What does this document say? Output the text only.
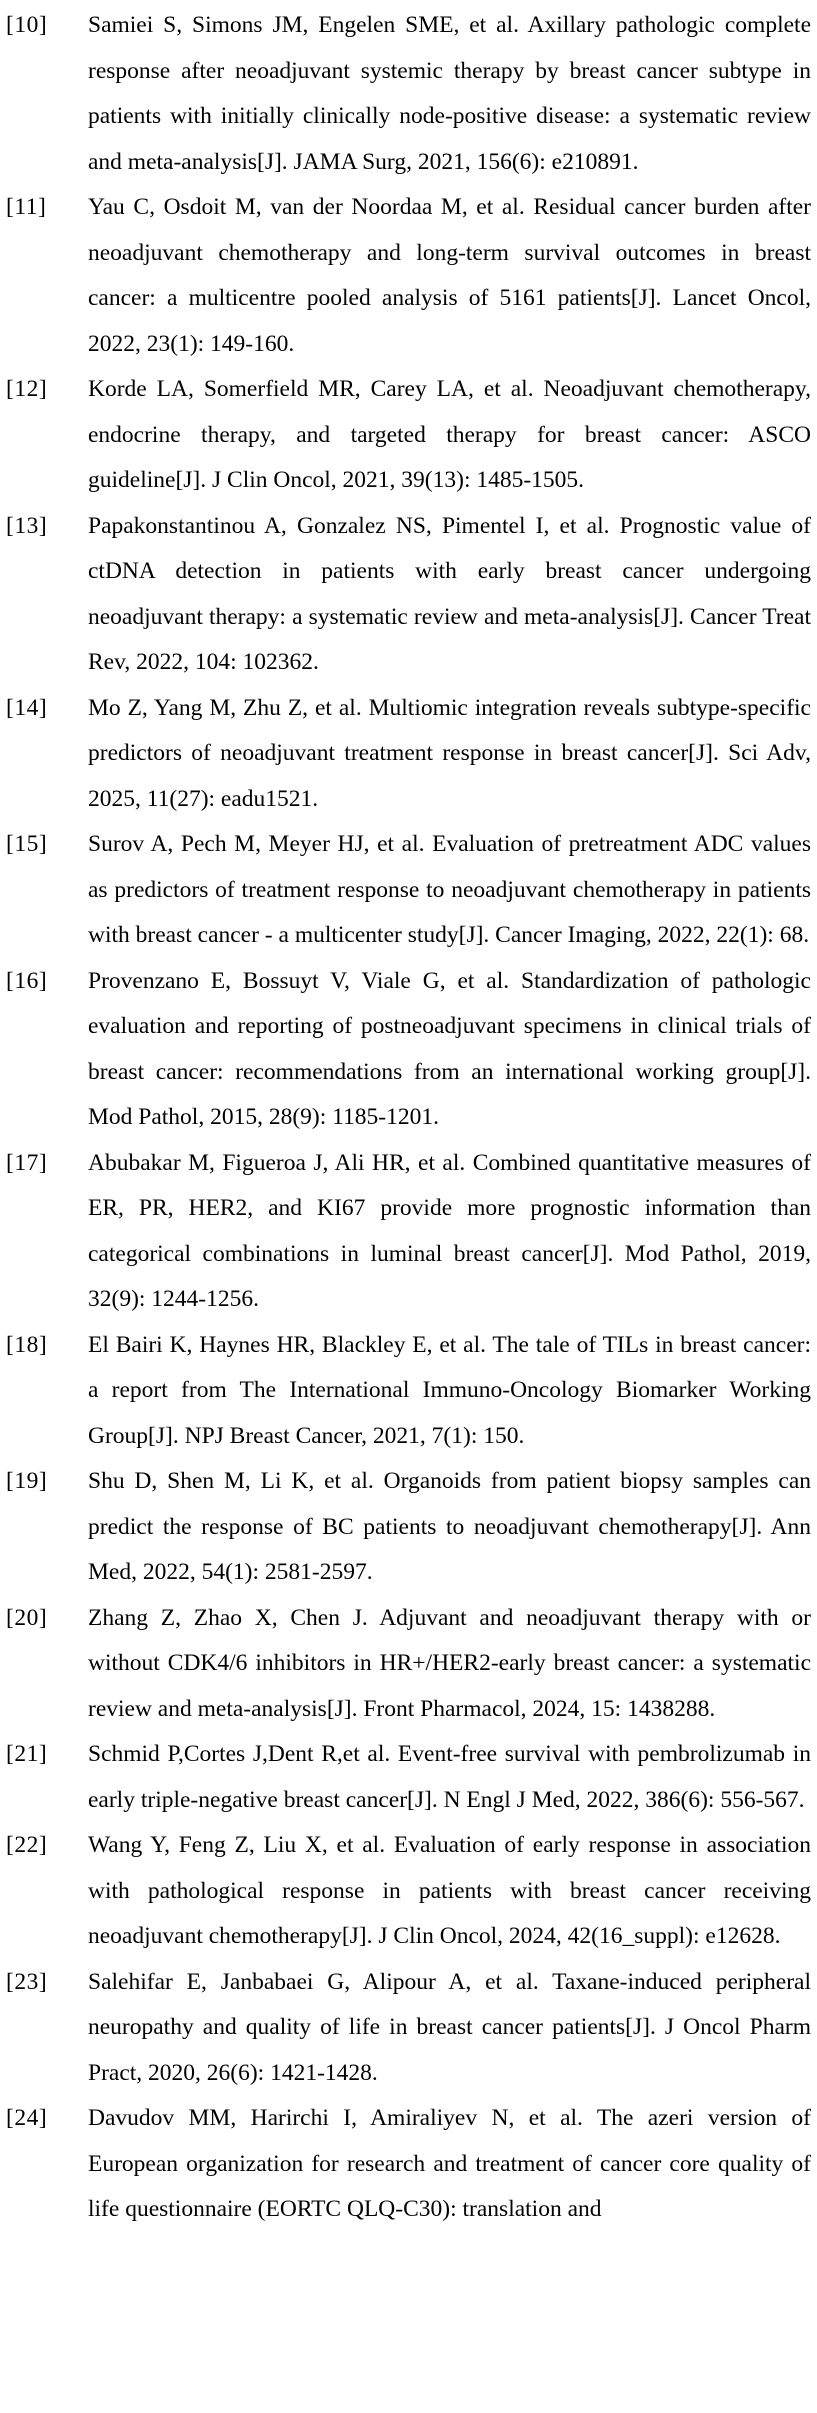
[10]	Samiei S, Simons JM, Engelen SME, et al. Axillary pathologic complete response after neoadjuvant systemic therapy by breast cancer subtype in patients with initially clinically node-positive disease: a systematic review and meta-analysis[J]. JAMA Surg, 2021, 156(6): e210891.
[11]	Yau C, Osdoit M, van der Noordaa M, et al. Residual cancer burden after neoadjuvant chemotherapy and long-term survival outcomes in breast cancer: a multicentre pooled analysis of 5161 patients[J]. Lancet Oncol, 2022, 23(1): 149-160.
[12]	Korde LA, Somerfield MR, Carey LA, et al. Neoadjuvant chemotherapy, endocrine therapy, and targeted therapy for breast cancer: ASCO guideline[J]. J Clin Oncol, 2021, 39(13): 1485-1505.
[13]	Papakonstantinou A, Gonzalez NS, Pimentel I, et al. Prognostic value of ctDNA detection in patients with early breast cancer undergoing neoadjuvant therapy: a systematic review and meta-analysis[J]. Cancer Treat Rev, 2022, 104: 102362.
[14]	Mo Z, Yang M, Zhu Z, et al. Multiomic integration reveals subtype-specific predictors of neoadjuvant treatment response in breast cancer[J]. Sci Adv, 2025, 11(27): eadu1521.
[15]	Surov A, Pech M, Meyer HJ, et al. Evaluation of pretreatment ADC values as predictors of treatment response to neoadjuvant chemotherapy in patients with breast cancer - a multicenter study[J]. Cancer Imaging, 2022, 22(1): 68.
[16]	Provenzano E, Bossuyt V, Viale G, et al. Standardization of pathologic evaluation and reporting of postneoadjuvant specimens in clinical trials of breast cancer: recommendations from an international working group[J]. Mod Pathol, 2015, 28(9): 1185-1201.
[17]	Abubakar M, Figueroa J, Ali HR, et al. Combined quantitative measures of ER, PR, HER2, and KI67 provide more prognostic information than categorical combinations in luminal breast cancer[J]. Mod Pathol, 2019, 32(9): 1244-1256.
[18]	El Bairi K, Haynes HR, Blackley E, et al. The tale of TILs in breast cancer: a report from The International Immuno-Oncology Biomarker Working Group[J]. NPJ Breast Cancer, 2021, 7(1): 150.
[19]	Shu D, Shen M, Li K, et al. Organoids from patient biopsy samples can predict the response of BC patients to neoadjuvant chemotherapy[J]. Ann Med, 2022, 54(1): 2581-2597.
[20]	Zhang Z, Zhao X, Chen J. Adjuvant and neoadjuvant therapy with or without CDK4/6 inhibitors in HR+/HER2-early breast cancer: a systematic review and meta-analysis[J]. Front Pharmacol, 2024, 15: 1438288.
[21]	Schmid P,Cortes J,Dent R,et al. Event-free survival with pembrolizumab in early triple-negative breast cancer[J]. N Engl J Med, 2022, 386(6): 556-567.
[22]	Wang Y, Feng Z, Liu X, et al. Evaluation of early response in association with pathological response in patients with breast cancer receiving neoadjuvant chemotherapy[J]. J Clin Oncol, 2024, 42(16_suppl): e12628.
[23]	Salehifar E, Janbabaei G, Alipour A, et al. Taxane-induced peripheral neuropathy and quality of life in breast cancer patients[J]. J Oncol Pharm Pract, 2020, 26(6): 1421-1428.
[24]	Davudov MM, Harirchi I, Amiraliyev N, et al. The azeri version of European organization for research and treatment of cancer core quality of life questionnaire (EORTC QLQ-C30): translation and
